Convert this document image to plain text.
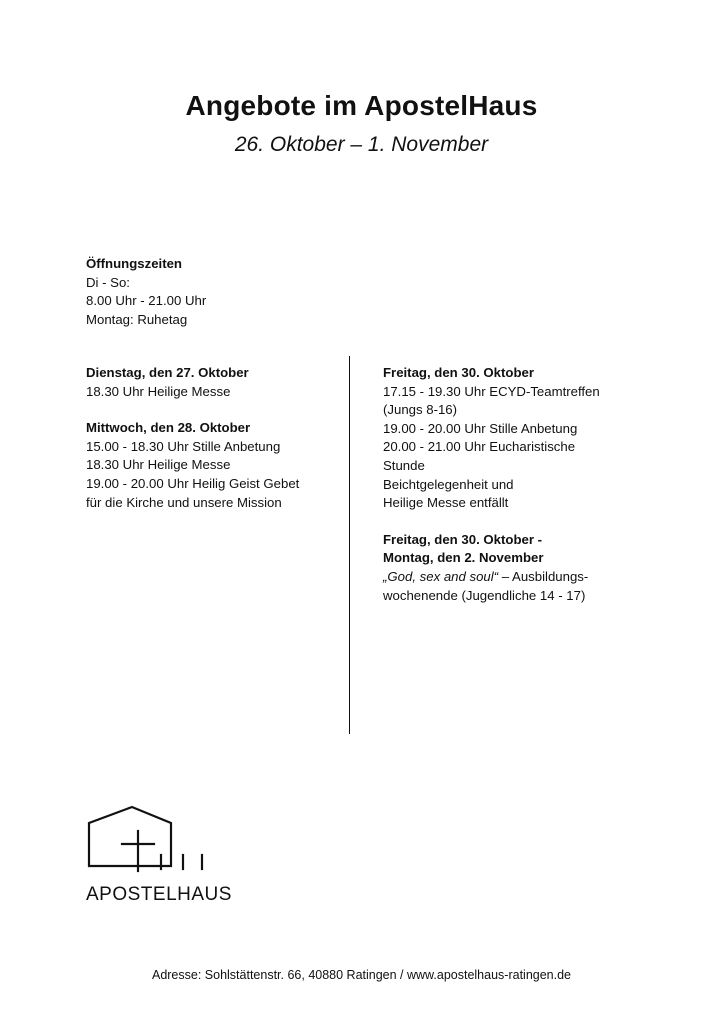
Angebote im ApostelHaus
26. Oktober – 1. November
Öffnungszeiten
Di - So:
8.00 Uhr - 21.00 Uhr
Montag: Ruhetag
Dienstag, den 27. Oktober
18.30 Uhr Heilige Messe
Mittwoch, den 28. Oktober
15.00 - 18.30 Uhr Stille Anbetung
18.30 Uhr Heilige Messe
19.00 - 20.00 Uhr Heilig Geist Gebet
für die Kirche und unsere Mission
Freitag, den 30. Oktober
17.15 - 19.30 Uhr ECYD-Teamtreffen
(Jungs 8-16)
19.00 - 20.00 Uhr Stille Anbetung
20.00 - 21.00 Uhr Eucharistische
Stunde
Beichtgelegenheit und
Heilige Messe entfällt
Freitag, den 30. Oktober -
Montag, den 2. November
„God, sex and soul“ – Ausbildungs-
wochenende (Jugendliche 14 - 17)
APOSTELHAUS
Adresse: Sohlstättenstr. 66, 40880 Ratingen / www.apostelhaus-ratingen.de
